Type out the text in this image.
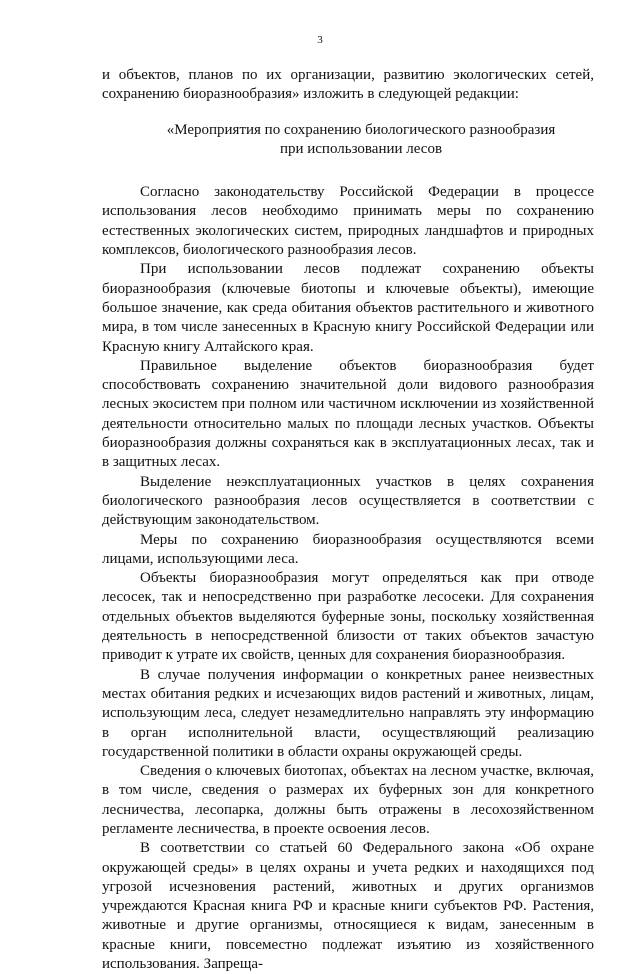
3

и объектов, планов по их организации, развитию экологических сетей, сохранению биоразнообразия» изложить в следующей редакции:

«Мероприятия по сохранению биологического разнообразия
при использовании лесов

Согласно законодательству Российской Федерации в процессе использования лесов необходимо принимать меры по сохранению естественных экологических систем, природных ландшафтов и природных комплексов, биологического разнообразия лесов.

При использовании лесов подлежат сохранению объекты биоразнообразия (ключевые биотопы и ключевые объекты), имеющие большое значение, как среда обитания объектов растительного и животного мира, в том числе занесенных в Красную книгу Российской Федерации или Красную книгу Алтайского края.

Правильное выделение объектов биоразнообразия будет способствовать сохранению значительной доли видового разнообразия лесных экосистем при полном или частичном исключении из хозяйственной деятельности относительно малых по площади лесных участков. Объекты биоразнообразия должны сохраняться как в эксплуатационных лесах, так и в защитных лесах.

Выделение неэксплуатационных участков в целях сохранения биологического разнообразия лесов осуществляется в соответствии с действующим законодательством.

Меры по сохранению биоразнообразия осуществляются всеми лицами, использующими леса.

Объекты биоразнообразия могут определяться как при отводе лесосек, так и непосредственно при разработке лесосеки. Для сохранения отдельных объектов выделяются буферные зоны, поскольку хозяйственная деятельность в непосредственной близости от таких объектов зачастую приводит к утрате их свойств, ценных для сохранения биоразнообразия.

В случае получения информации о конкретных ранее неизвестных местах обитания редких и исчезающих видов растений и животных, лицам, использующим леса, следует незамедлительно направлять эту информацию в орган исполнительной власти, осуществляющий реализацию государственной политики в области охраны окружающей среды.

Сведения о ключевых биотопах, объектах на лесном участке, включая, в том числе, сведения о размерах их буферных зон для конкретного лесничества, лесопарка, должны быть отражены в лесохозяйственном регламенте лесничества, в проекте освоения лесов.

В соответствии со статьей 60 Федерального закона «Об охране окружающей среды» в целях охраны и учета редких и находящихся под угрозой исчезновения растений, животных и других организмов учреждаются Красная книга РФ и красные книги субъектов РФ. Растения, животные и другие организмы, относящиеся к видам, занесенным в красные книги, повсеместно подлежат изъятию из хозяйственного использования. Запреща-
